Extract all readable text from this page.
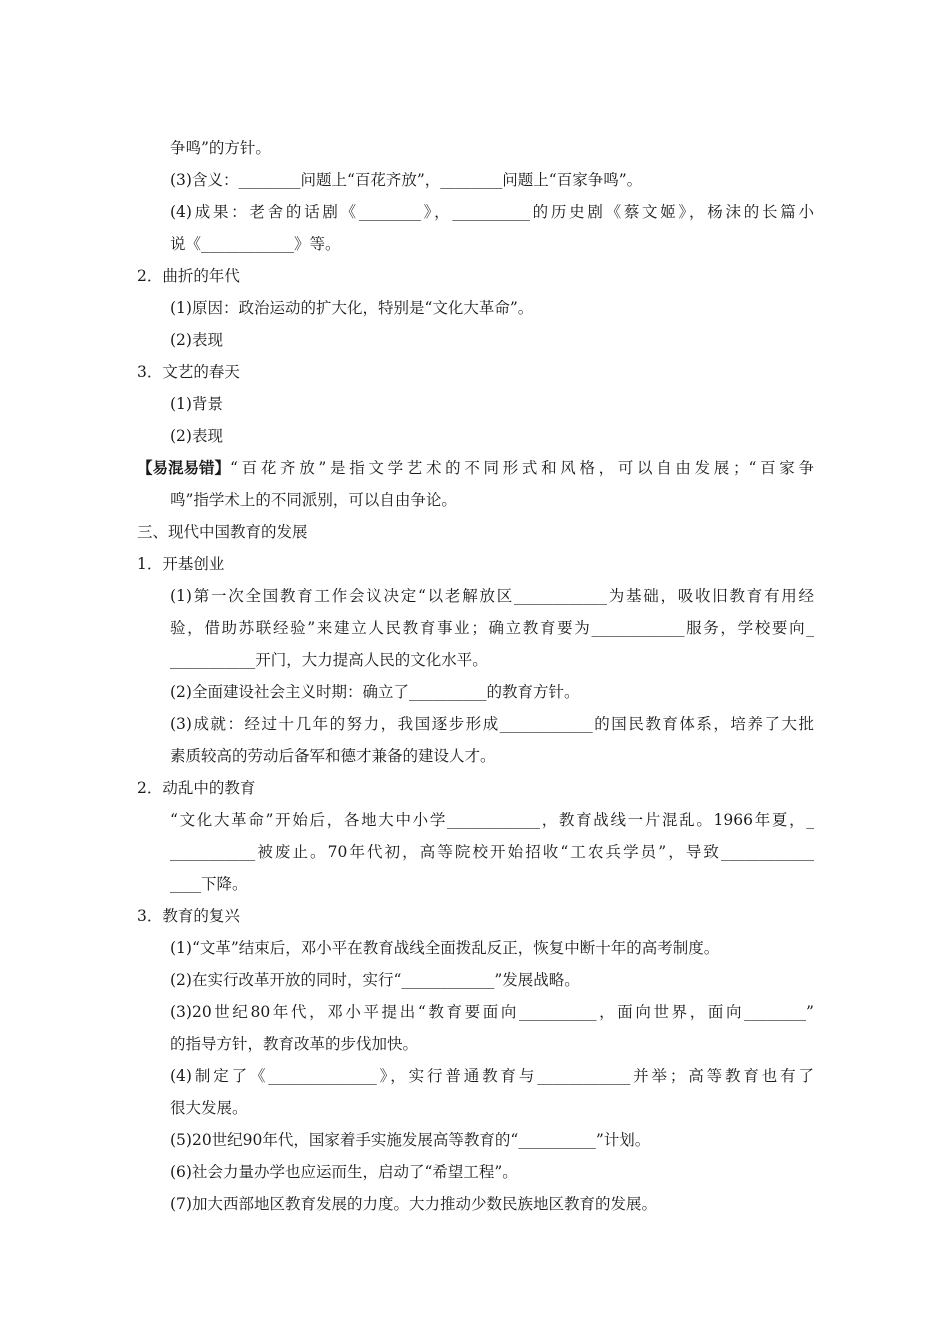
争鸣”的方针。
(3)含义：________问题上“百花齐放”，________问题上“百家争鸣”。
(4)成果：老舍的话剧《________》，__________的历史剧《蔡文姬》，杨沫的长篇小
说《____________》等。
2．曲折的年代
(1)原因：政治运动的扩大化，特别是“文化大革命”。
(2)表现
3．文艺的春天
(1)背景
(2)表现
【易混易错】 “百花齐放”是指文学艺术的不同形式和风格，可以自由发展；“百家争
鸣”指学术上的不同派别，可以自由争论。
三、现代中国教育的发展
1．开基创业
(1)第一次全国教育工作会议决定“以老解放区____________为基础，吸收旧教育有用经
验，借助苏联经验”来建立人民教育事业；确立教育要为____________服务，学校要向_
___________开门，大力提高人民的文化水平。
(2)全面建设社会主义时期：确立了__________的教育方针。
(3)成就：经过十几年的努力，我国逐步形成____________的国民教育体系，培养了大批
素质较高的劳动后备军和德才兼备的建设人才。
2．动乱中的教育
“文化大革命”开始后，各地大中小学____________，教育战线一片混乱。1966年夏，_
___________被废止。70年代初，高等院校开始招收“工农兵学员”，导致____________
____下降。
3．教育的复兴
(1)“文革”结束后，邓小平在教育战线全面拨乱反正，恢复中断十年的高考制度。
(2)在实行改革开放的同时，实行“____________”发展战略。
(3)20世纪80年代，邓小平提出“教育要面向__________，面向世界，面向________”
的指导方针，教育改革的步伐加快。
(4)制定了《______________》，实行普通教育与____________并举；高等教育也有了
很大发展。
(5)20世纪90年代，国家着手实施发展高等教育的“__________”计划。
(6)社会力量办学也应运而生，启动了“希望工程”。
(7)加大西部地区教育发展的力度。大力推动少数民族地区教育的发展。
